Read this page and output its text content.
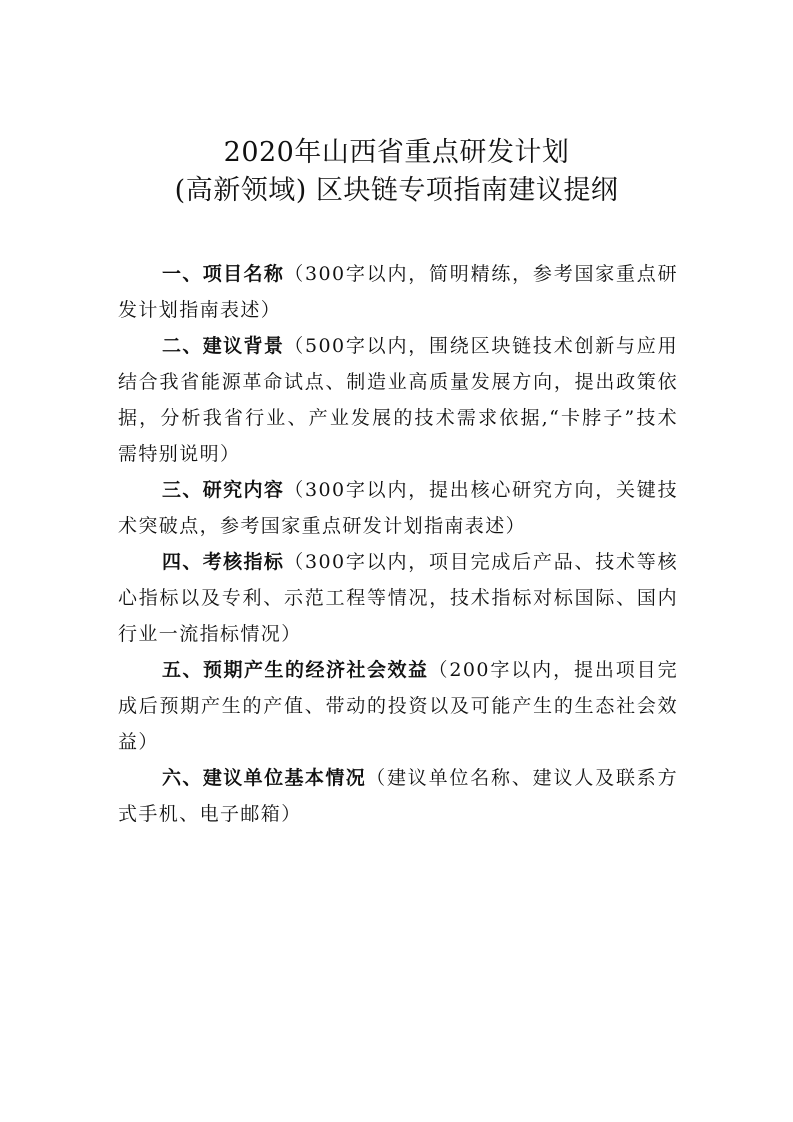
2020年山西省重点研发计划
(高新领域) 区块链专项指南建议提纲

一、项目名称（300字以内，简明精练，参考国家重点研发计划指南表述）

二、建议背景（500字以内，围绕区块链技术创新与应用结合我省能源革命试点、制造业高质量发展方向，提出政策依据，分析我省行业、产业发展的技术需求依据,“卡脖子”技术需特别说明）

三、研究内容（300字以内，提出核心研究方向，关键技术突破点，参考国家重点研发计划指南表述）

四、考核指标（300字以内，项目完成后产品、技术等核心指标以及专利、示范工程等情况，技术指标对标国际、国内行业一流指标情况）

五、预期产生的经济社会效益（200字以内，提出项目完成后预期产生的产值、带动的投资以及可能产生的生态社会效益）

六、建议单位基本情况（建议单位名称、建议人及联系方式手机、电子邮箱）
